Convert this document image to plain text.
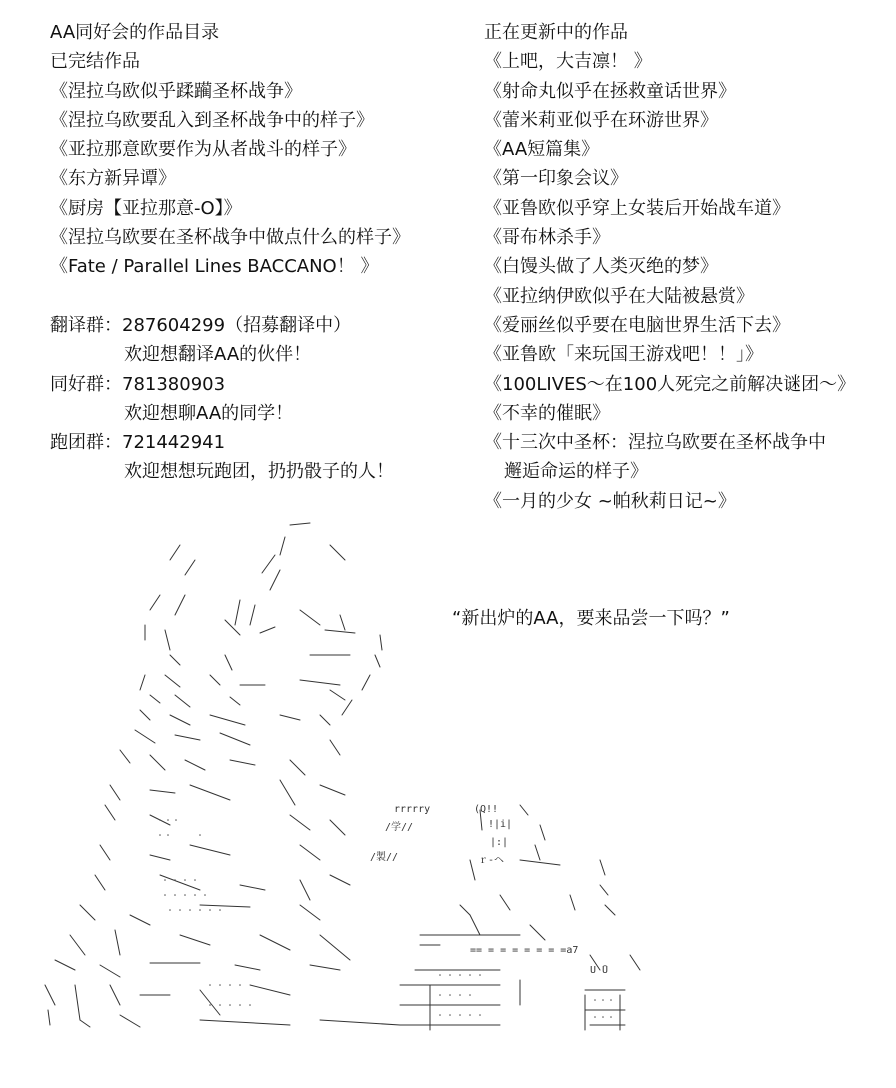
AA同好会的作品目录
已完结作品
《涅拉乌欧似乎蹂躏圣杯战争》
《涅拉乌欧要乱入到圣杯战争中的样子》
《亚拉那意欧要作为从者战斗的样子》
《东方新异谭》
《厨房【亚拉那意-O】》
《涅拉乌欧要在圣杯战争中做点什么的样子》
《Fate / Parallel Lines BACCANO！ 》
翻译群：287604299（招募翻译中）
欢迎想翻译AA的伙伴！
同好群：781380903
欢迎想聊AA的同学！
跑团群：721442941
欢迎想想玩跑团，扔扔骰子的人！
正在更新中的作品
《上吧，大吉凛！ 》
《射命丸似乎在拯救童话世界》
《蕾米莉亚似乎在环游世界》
《AA短篇集》
《第一印象会议》
《亚鲁欧似乎穿上女装后开始战车道》
《哥布林杀手》
《白馒头做了人类灭绝的梦》
《亚拉纳伊欧似乎在大陆被悬赏》
《爱丽丝似乎要在电脑世界生活下去》
《亚鲁欧「来玩国王游戏吧！！」》
《100LIVES～在100人死完之前解决谜团～》
《不幸的催眠》
《十三次中圣杯：涅拉乌欧要在圣杯战争中
邂逅命运的样子》
《一月的少女 ~帕秋莉日记~》
“新出炉的AA，要来品尝一下吗？”
rrrrry	(Q!!
/学//
/製//
!|i|
|:|
ｒ‐ヘ
== = = = = = = =a7
U ̄U
